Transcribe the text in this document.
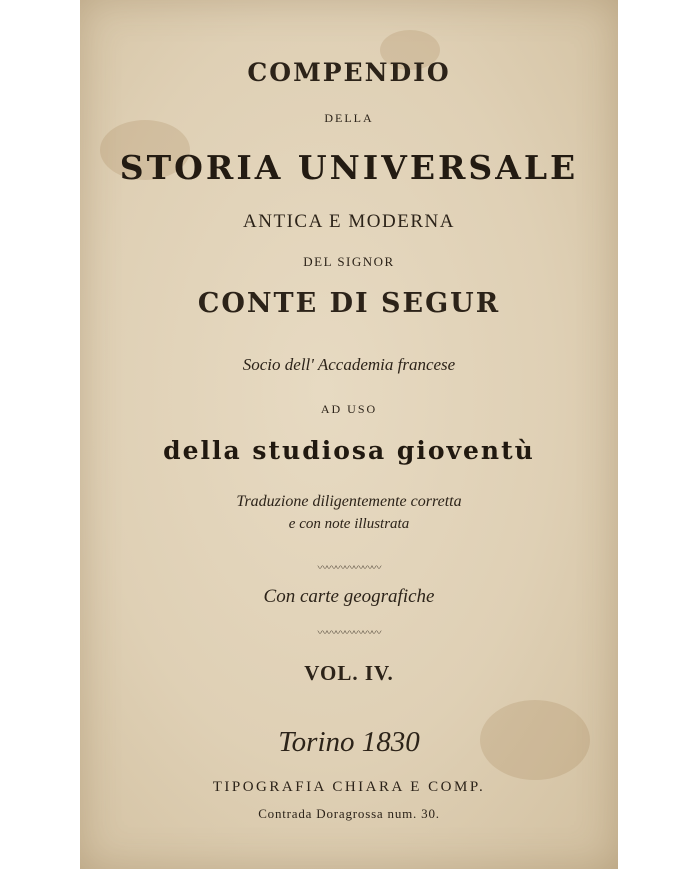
COMPENDIO
DELLA
STORIA UNIVERSALE
ANTICA E MODERNA
DEL SIGNOR
CONTE DI SEGUR
Socio dell' Accademia francese
AD USO
della studiosa gioventù
Traduzione diligentemente corretta
e con note illustrata
〰〰〰〰〰〰〰
Con carte geografiche
〰〰〰〰〰〰〰
VOL. IV.
Torino 1830
TIPOGRAFIA CHIARA E COMP.
Contrada Doragrossa num. 30.
